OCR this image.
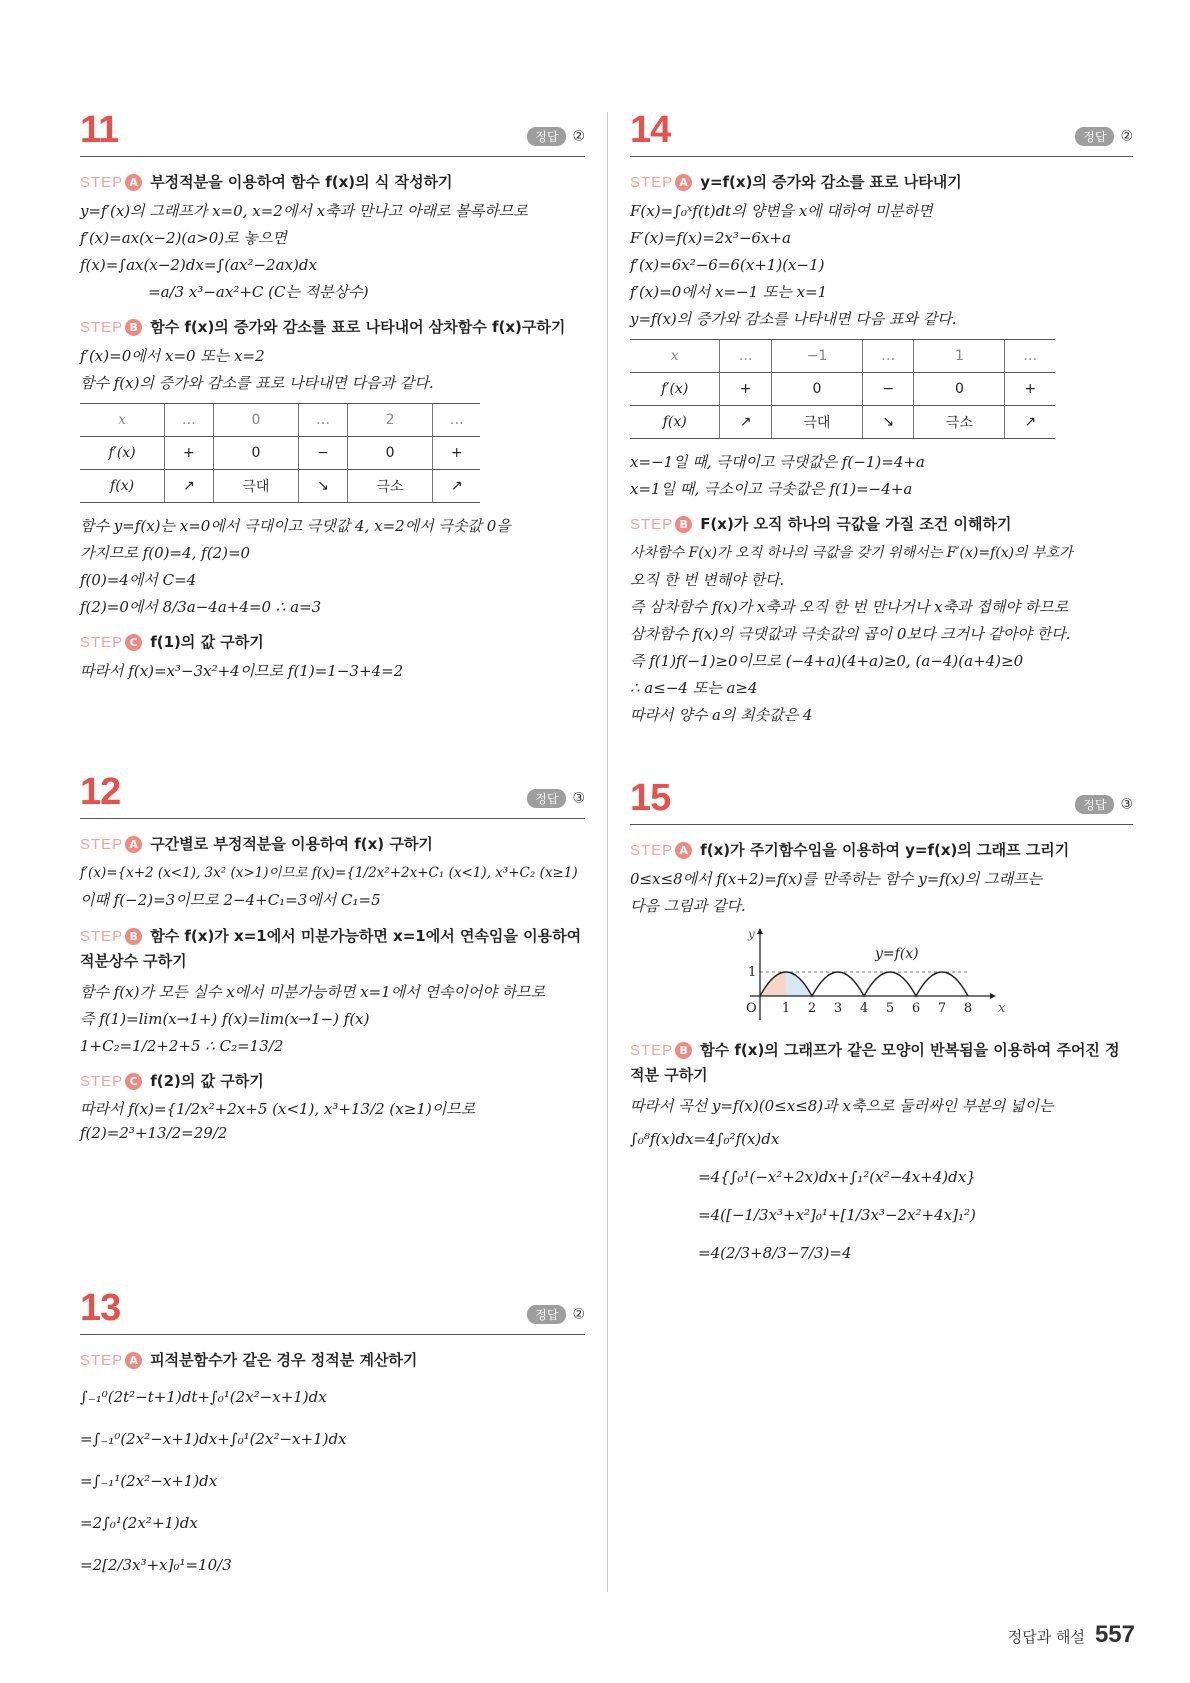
11	정답 ②
STEP A 부정적분을 이용하여 함수 f(x)의 식 작성하기
y=f′(x)의 그래프가 x=0, x=2에서 x축과 만나고 아래로 볼록하므로
f′(x)=ax(x−2)(a>0)로 놓으면
f(x)=∫ax(x−2)dx=∫(ax²−2ax)dx
=a/3 x³−ax²+C (C는 적분상수)
STEP B 함수 f(x)의 증가와 감소를 표로 나타내어 삼차함수 f(x)구하기
f′(x)=0에서 x=0 또는 x=2
함수 f(x)의 증가와 감소를 표로 나타내면 다음과 같다.
x	…	0	…	2	…
f′(x)	+	0	−	0	+
f(x)	↗	극대	↘	극소	↗
함수 y=f(x)는 x=0에서 극대이고 극댓값 4, x=2에서 극솟값 0을
가지므로 f(0)=4, f(2)=0
f(0)=4에서 C=4
f(2)=0에서 8/3a−4a+4=0 ∴ a=3
STEP C f(1)의 값 구하기
따라서 f(x)=x³−3x²+4이므로 f(1)=1−3+4=2
12	정답 ③
STEP A 구간별로 부정적분을 이용하여 f(x) 구하기
f′(x)={x+2 (x<1), 3x² (x>1)이므로 f(x)={1/2x²+2x+C₁ (x<1), x³+C₂ (x≥1)
이때 f(−2)=3이므로 2−4+C₁=3에서 C₁=5
STEP B 함수 f(x)가 x=1에서 미분가능하면 x=1에서 연속임을 이용하여 적분상수 구하기
함수 f(x)가 모든 실수 x에서 미분가능하면 x=1에서 연속이어야 하므로
즉 f(1)=lim(x→1+) f(x)=lim(x→1−) f(x)
1+C₂=1/2+2+5 ∴ C₂=13/2
STEP C f(2)의 값 구하기
따라서 f(x)={1/2x²+2x+5 (x<1), x³+13/2 (x≥1)이므로 f(2)=2³+13/2=29/2
13	정답 ②
STEP A 피적분함수가 같은 경우 정적분 계산하기
∫₋₁⁰(2t²−t+1)dt+∫₀¹(2x²−x+1)dx
=∫₋₁⁰(2x²−x+1)dx+∫₀¹(2x²−x+1)dx
=∫₋₁¹(2x²−x+1)dx
=2∫₀¹(2x²+1)dx
=2[2/3x³+x]₀¹=10/3
14	정답 ②
STEP A y=f(x)의 증가와 감소를 표로 나타내기
F(x)=∫₀ˣf(t)dt의 양변을 x에 대하여 미분하면
F′(x)=f(x)=2x³−6x+a
f′(x)=6x²−6=6(x+1)(x−1)
f′(x)=0에서 x=−1 또는 x=1
y=f(x)의 증가와 감소를 나타내면 다음 표와 같다.
x	…	−1	…	1	…
f′(x)	+	0	−	0	+
f(x)	↗	극대	↘	극소	↗
x=−1일 때, 극대이고 극댓값은 f(−1)=4+a
x=1일 때, 극소이고 극솟값은 f(1)=−4+a
STEP B F(x)가 오직 하나의 극값을 가질 조건 이해하기
사차함수 F(x)가 오직 하나의 극값을 갖기 위해서는 F′(x)=f(x)의 부호가
오직 한 번 변해야 한다.
즉 삼차함수 f(x)가 x축과 오직 한 번 만나거나 x축과 접해야 하므로
삼차함수 f(x)의 극댓값과 극솟값의 곱이 0보다 크거나 같아야 한다.
즉 f(1)f(−1)≥0이므로 (−4+a)(4+a)≥0, (a−4)(a+4)≥0
∴ a≤−4 또는 a≥4
따라서 양수 a의 최솟값은 4
15	정답 ③
STEP A f(x)가 주기함수임을 이용하여 y=f(x)의 그래프 그리기
0≤x≤8에서 f(x+2)=f(x)를 만족하는 함수 y=f(x)의 그래프는
다음 그림과 같다.
y=f(x)
y
x
O
1
1 2 3 4 5 6 7 8
STEP B 함수 f(x)의 그래프가 같은 모양이 반복됨을 이용하여 주어진 정적분 구하기
따라서 곡선 y=f(x)(0≤x≤8)과 x축으로 둘러싸인 부분의 넓이는
∫₀⁸f(x)dx=4∫₀²f(x)dx
=4{∫₀¹(−x²+2x)dx+∫₁²(x²−4x+4)dx}
=4([−1/3x³+x²]₀¹+[1/3x³−2x²+4x]₁²)
=4(2/3+8/3−7/3)=4
정답과 해설 557
